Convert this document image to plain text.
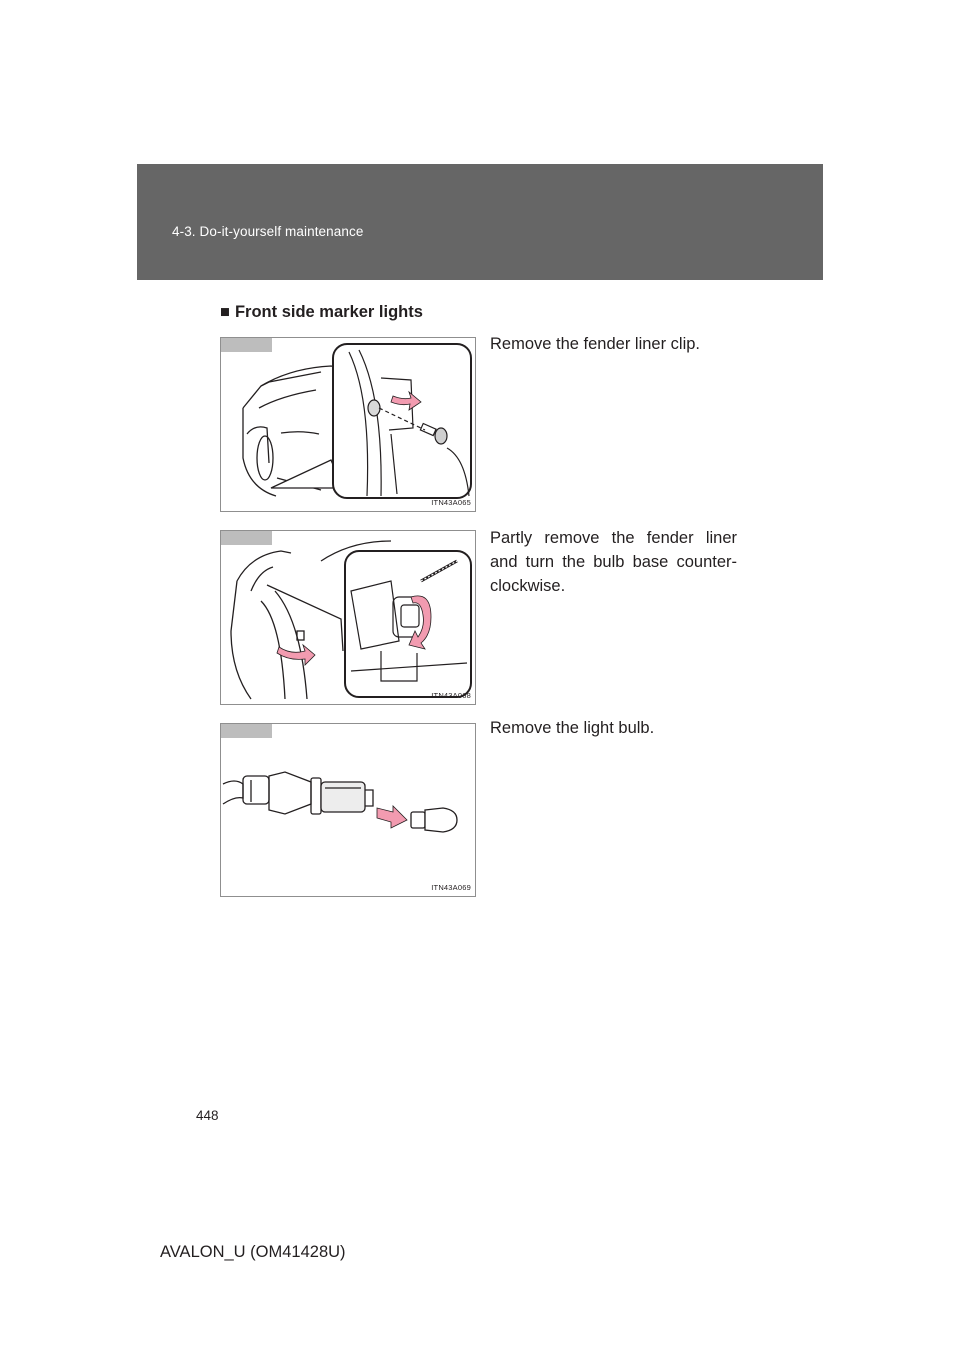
4-3. Do-it-yourself maintenance
■ Front side marker lights
ITN43A065
Remove the fender liner clip.
ITN43A068
Partly remove the fender liner and turn the bulb base counter-clockwise.
ITN43A069
Remove the light bulb.
448
AVALON_U (OM41428U)
